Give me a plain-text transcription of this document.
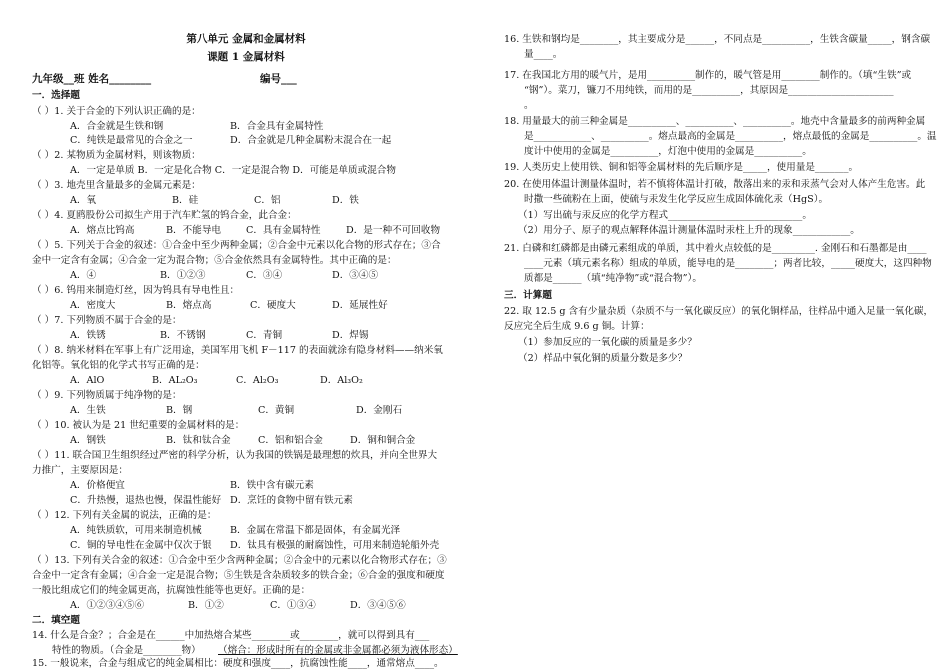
第八单元 金属和金属材料
课题 1 金属材料
九年级__班 姓名________	编号___
一．选择题
（ ）1. 关于合金的下列认识正确的是：
A．合金就是生铁和钢	B．合金具有金属特性
C．纯铁是最常见的合金之一	D．合金就是几种金属粉末混合在一起
（ ）2. 某物质为金属材料，则该物质：
A．一定是单质 B．一定是化合物 C．一定是混合物 D．可能是单质或混合物
（ ）3. 地壳里含量最多的金属元素是：
A．氧	B．硅	C．铝	D．铁
（ ）4. 夏鸥股份公司拟生产用于汽车贮氢的钨合金，此合金：
A．熔点比钨高	B．不能导电	C．具有金属特性	D．是一种不可回收物
（ ）5. 下列关于合金的叙述：①合金中至少两种金属；②合金中元素以化合物的形式存在；③合
金中一定含有金属；④合金一定为混合物；⑤合金依然具有金属特性。其中正确的是：
A．④	B．①②③	C．③④	D．③④⑤
（ ）6. 钨用来制造灯丝，因为钨具有导电性且：
A．密度大	B．熔点高	C．硬度大	D．延展性好
（ ）7. 下列物质不属于合金的是：
A．铁锈	B．不锈钢	C．青铜	D．焊锡
（ ）8. 纳米材料在军事上有广泛用途，美国军用飞机 F－117 的表面就涂有隐身材料——纳米氧
化铝等。氧化铝的化学式书写正确的是：
A．AlO	B．AL₂O₃	C．Al₂O₃	D．Al₃O₂
（ ）9. 下列物质属于纯净物的是：
A．生铁	B．钢	C．黄铜	D．金刚石
（ ）10. 被认为是 21 世纪重要的金属材料的是：
A．钢铁	B．钛和钛合金	C．铝和铝合金	D．铜和铜合金
（ ）11. 联合国卫生组织经过严密的科学分析，认为我国的铁锅是最理想的炊具，并向全世界大
力推广，主要原因是：
A．价格便宜	B．铁中含有碳元素
C．升热慢，退热也慢，保温性能好 D．烹饪的食物中留有铁元素
（ ）12. 下列有关金属的说法，正确的是：
A．纯铁质软，可用来制造机械	B．金属在常温下都是固体，有金属光泽
C．铜的导电性在金属中仅次于银 D．钛具有极强的耐腐蚀性，可用来制造轮船外壳
（ ）13. 下列有关合金的叙述：①合金中至少含两种金属；②合金中的元素以化合物形式存在；③
合金中一定含有金属；④合金一定是混合物；⑤生铁是含杂质较多的铁合金；⑥合金的强度和硬度
一般比组成它们的纯金属更高，抗腐蚀性能等也更好。正确的是：
A．①②③④⑤⑥	B．①②	C．①③④	D．③④⑤⑥
二．填空题
14. 什么是合金？；合金是在______中加热熔合某些________或________，就可以得到具有___
特性的物质。（合金是________物） （熔合：形成时所有的金属或非金属都必须为液体形态）
15. 一般说来，合金与组成它的纯金属相比：硬度和强度____，抗腐蚀性能____，通常熔点____。
16. 生铁和钢均是________，其主要成分是______，不同点是__________，生铁含碳量_____，钢含碳
量____。
17. 在我国北方用的暖气片，是用__________制作的，暖气管是用________制作的。（填“生铁”或
“钢”）。菜刀，镰刀不用纯铁，而用的是__________，其原因是______________________
。
18. 用量最大的前三种金属是__________、__________、__________。地壳中含量最多的前两种金属
是____________、__________。熔点最高的金属是__________，熔点最低的金属是__________。温
度计中使用的金属是__________，灯泡中使用的金属是__________。
19. 人类历史上使用铁、铜和铝等金属材料的先后顺序是_____，使用量是_______。
20. 在使用体温计测量体温时，若不慎将体温计打破，散落出来的汞和汞蒸气会对人体产生危害。此
时撒一些硫粉在上面，使硫与汞发生化学反应生成固体硫化汞（HgS）。
（1）写出硫与汞反应的化学方程式____________________________。
（2）用分子、原子的观点解释体温计测量体温时汞柱上升的现象____________。
21. 白磷和红磷都是由磷元素组成的单质，其中着火点较低的是_________. 金刚石和石墨都是由____
____元素（填元素名称）组成的单质，能导电的是________；两者比较，_____硬度大，这四种物
质都是______（填“纯净物”或“混合物”）。
三．计算题
22. 取 12.5 g 含有少量杂质（杂质不与一氧化碳反应）的氧化铜样品，往样品中通入足量一氧化碳，
反应完全后生成 9.6 g 铜。计算：
（1）参加反应的一氧化碳的质量是多少？
（2）样品中氧化铜的质量分数是多少？
